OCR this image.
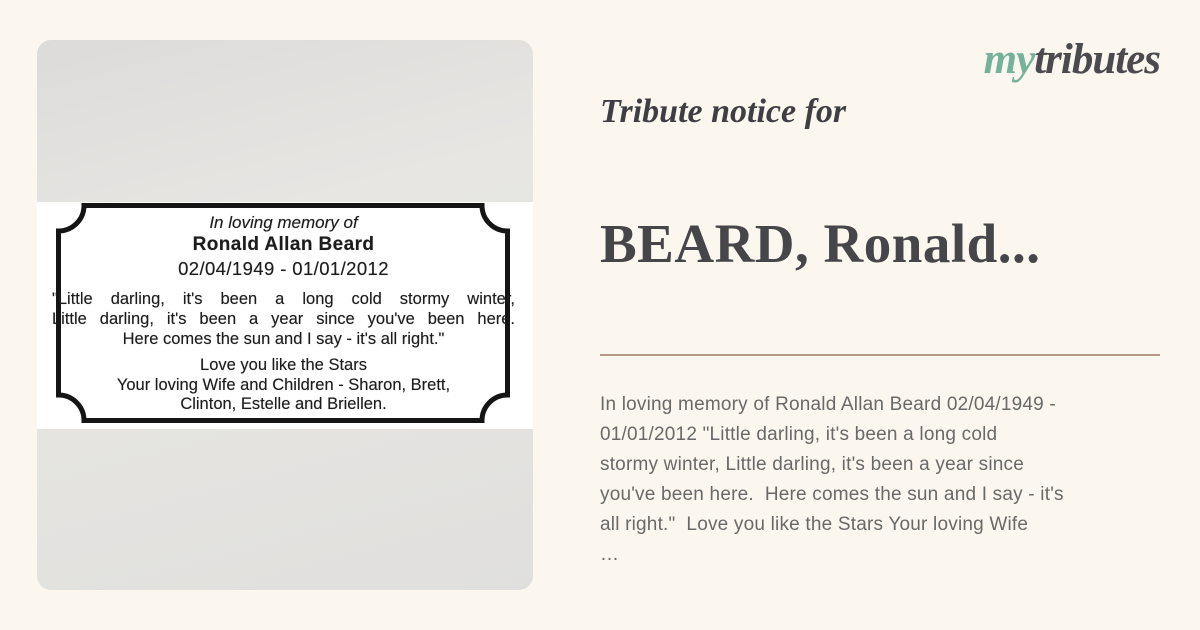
In loving memory of
Ronald Allan Beard
02/04/1949 - 01/01/2012
"Little darling, it's been a long cold stormy winter,
Little darling, it's been a year since you've been here.
Here comes the sun and I say - it's all right."
Love you like the Stars
Your loving Wife and Children - Sharon, Brett,
Clinton, Estelle and Briellen.
mytributes
Tribute notice for
BEARD, Ronald...
In loving memory of Ronald Allan Beard 02/04/1949 -
01/01/2012 "Little darling, it's been a long cold
stormy winter, Little darling, it's been a year since
you've been here.  Here comes the sun and I say - it's
all right."  Love you like the Stars Your loving Wife
…
